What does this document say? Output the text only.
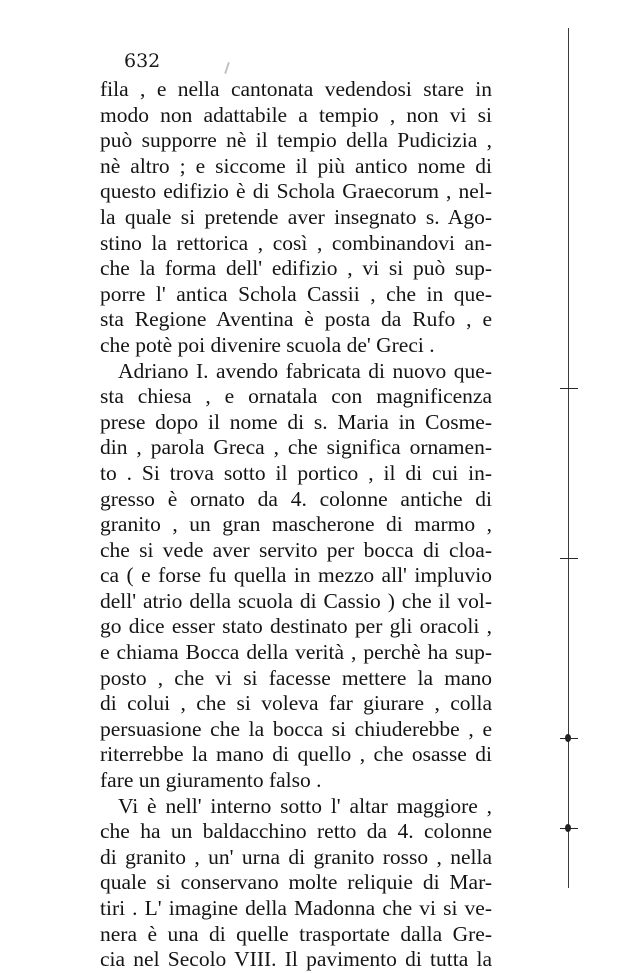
632
fila , e nella cantonata vedendosi stare in
modo non adattabile a tempio , non vi si
può supporre nè il tempio della Pudicizia ,
nè altro ; e siccome il più antico nome di
questo edifizio è di Schola Graecorum , nel-
la quale si pretende aver insegnato s. Ago-
stino la rettorica , così , combinandovi an-
che la forma dell' edifizio , vi si può sup-
porre l' antica Schola Cassii , che in que-
sta Regione Aventina è posta da Rufo , e
che potè poi divenire scuola de' Greci .
Adriano I. avendo fabricata di nuovo que-
sta chiesa , e ornatala con magnificenza
prese dopo il nome di s. Maria in Cosme-
din , parola Greca , che significa ornamen-
to . Si trova sotto il portico , il di cui in-
gresso è ornato da 4. colonne antiche di
granito , un gran mascherone di marmo ,
che si vede aver servito per bocca di cloa-
ca ( e forse fu quella in mezzo all' impluvio
dell' atrio della scuola di Cassio ) che il vol-
go dice esser stato destinato per gli oracoli ,
e chiama Bocca della verità , perchè ha sup-
posto , che vi si facesse mettere la mano
di colui , che si voleva far giurare , colla
persuasione che la bocca si chiuderebbe , e
riterrebbe la mano di quello , che osasse di
fare un giuramento falso .
Vi è nell' interno sotto l' altar maggiore ,
che ha un baldacchino retto da 4. colonne
di granito , un' urna di granito rosso , nella
quale si conservano molte reliquie di Mar-
tiri . L' imagine della Madonna che vi si ve-
nera è una di quelle trasportate dalla Gre-
cia nel Secolo VIII. Il pavimento di tutta la
